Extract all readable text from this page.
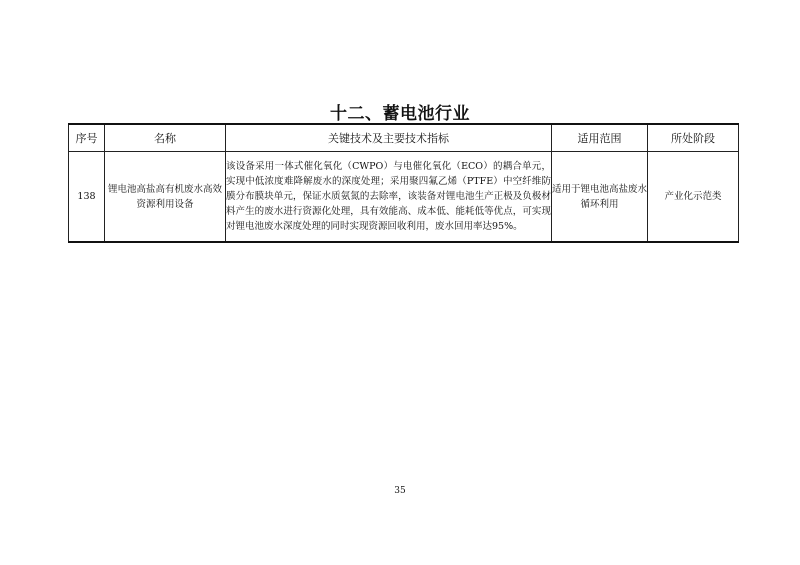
十二、蓄电池行业
序号	名称	关键技术及主要技术指标	适用范围	所处阶段
138	锂电池高盐高有机废水高效资源利用设备	该设备采用一体式催化氧化（CWPO）与电催化氧化（ECO）的耦合单元，实现中低浓度难降解废水的深度处理；采用聚四氟乙烯（PTFE）中空纤维防膜分布膜块单元，保证水质氨氮的去除率，该装备对锂电池生产正极及负极材料产生的废水进行资源化处理，具有效能高、成本低、能耗低等优点，可实现对锂电池废水深度处理的同时实现资源回收利用，废水回用率达95%。	适用于锂电池高盐废水循环利用	产业化示范类
35
